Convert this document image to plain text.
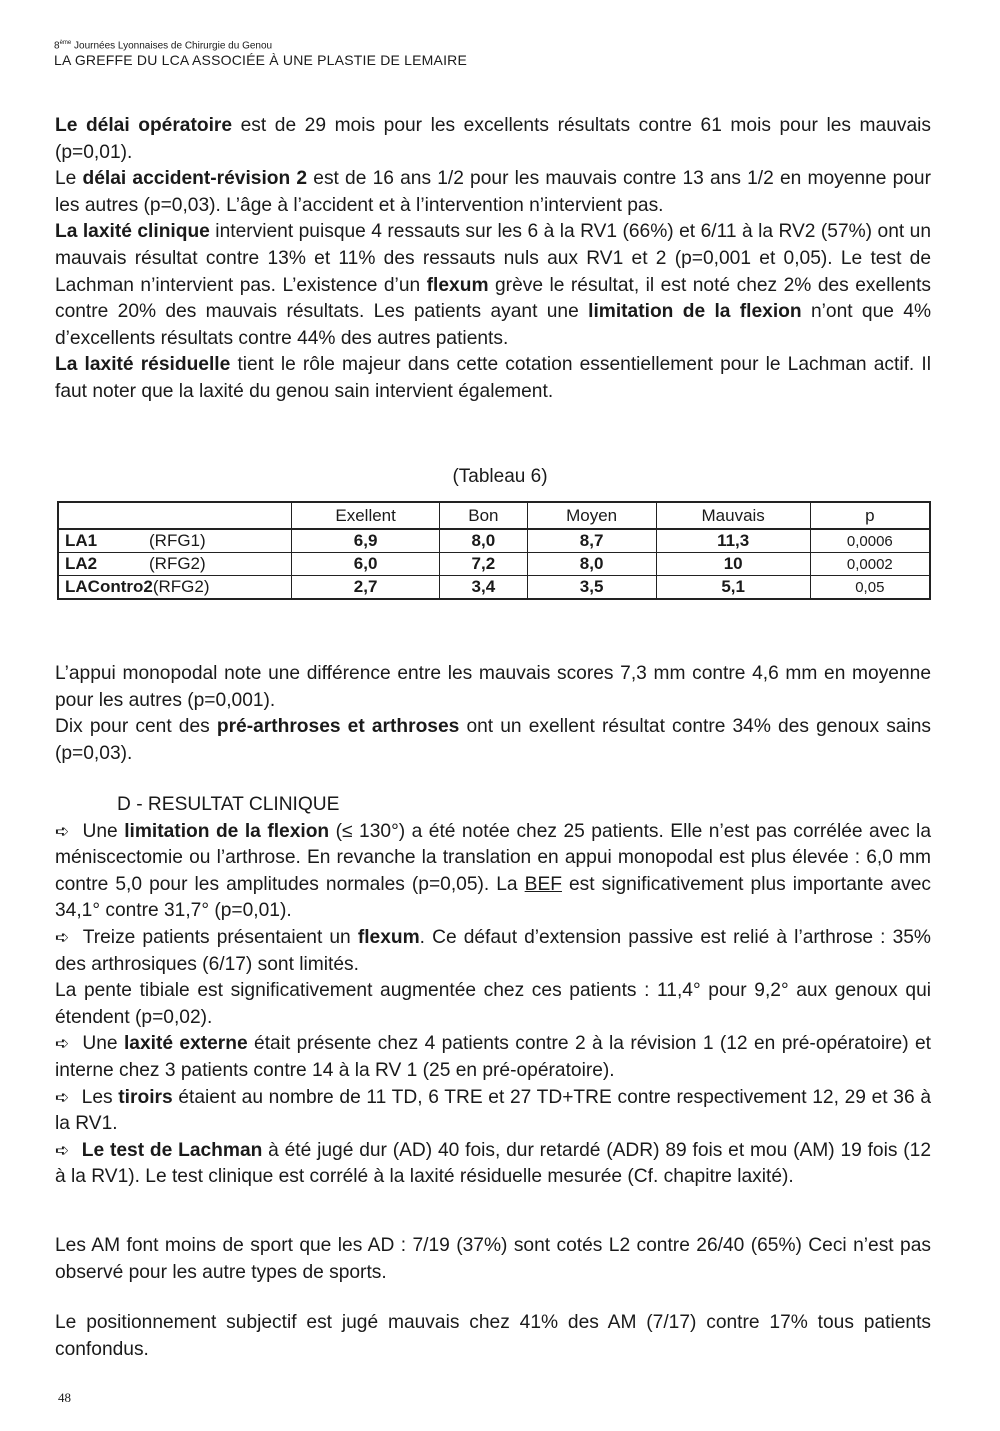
8ème Journées Lyonnaises de Chirurgie du Genou
LA GREFFE DU LCA ASSOCIÉE À UNE PLASTIE DE LEMAIRE

Le délai opératoire est de 29 mois pour les excellents résultats contre 61 mois pour les mauvais (p=0,01).

Le délai accident-révision 2 est de 16 ans 1/2 pour les mauvais contre 13 ans 1/2 en moyenne pour les autres (p=0,03). L’âge à l’accident et à l’intervention n’intervient pas.

La laxité clinique intervient puisque 4 ressauts sur les 6 à la RV1 (66%) et 6/11 à la RV2 (57%) ont un mauvais résultat contre 13% et 11% des ressauts nuls aux RV1 et 2 (p=0,001 et 0,05). Le test de Lachman n’intervient pas. L’existence d’un flexum grève le résultat, il est noté chez 2% des exellents contre 20% des mauvais résultats. Les patients ayant une limitation de la flexion n’ont que 4% d’excellents résultats contre 44% des autres patients.

La laxité résiduelle tient le rôle majeur dans cette cotation essentiellement pour le Lachman actif. Il faut noter que la laxité du genou sain intervient également.

(Tableau 6)
	Exellent	Bon	Moyen	Mauvais	p
LA1 (RFG1)	6,9	8,0	8,7	11,3	0,0006
LA2 (RFG2)	6,0	7,2	8,0	10	0,0002
LAContro2(RFG2)	2,7	3,4	3,5	5,1	0,05

L’appui monopodal note une différence entre les mauvais scores 7,3 mm contre 4,6 mm en moyenne pour les autres (p=0,001).

Dix pour cent des pré-arthroses et arthroses ont un exellent résultat contre 34% des genoux sains (p=0,03).

D - RESULTAT CLINIQUE

➪ Une limitation de la flexion (≤ 130°) a été notée chez 25 patients. Elle n’est pas corrélée avec la méniscectomie ou l’arthrose. En revanche la translation en appui monopodal est plus élevée : 6,0 mm contre 5,0 pour les amplitudes normales (p=0,05). La BEF est significativement plus importante avec 34,1° contre 31,7° (p=0,01).

➪ Treize patients présentaient un flexum. Ce défaut d’extension passive est relié à l’arthrose : 35% des arthrosiques (6/17) sont limités.

La pente tibiale est significativement augmentée chez ces patients : 11,4° pour 9,2° aux genoux qui étendent (p=0,02).

➪ Une laxité externe était présente chez 4 patients contre 2 à la révision 1 (12 en pré-opératoire) et interne chez 3 patients contre 14 à la RV 1 (25 en pré-opératoire).

➪ Les tiroirs étaient au nombre de 11 TD, 6 TRE et 27 TD+TRE contre respectivement 12, 29 et 36 à la RV1.

➪ Le test de Lachman à été jugé dur (AD) 40 fois, dur retardé (ADR) 89 fois et mou (AM) 19 fois (12 à la RV1). Le test clinique est corrélé à la laxité résiduelle mesurée (Cf. chapitre laxité).

Les AM font moins de sport que les AD : 7/19 (37%) sont cotés L2 contre 26/40 (65%) Ceci n’est pas observé pour les autre types de sports.
Le positionnement subjectif est jugé mauvais chez 41% des AM (7/17) contre 17% tous patients confondus.
48
